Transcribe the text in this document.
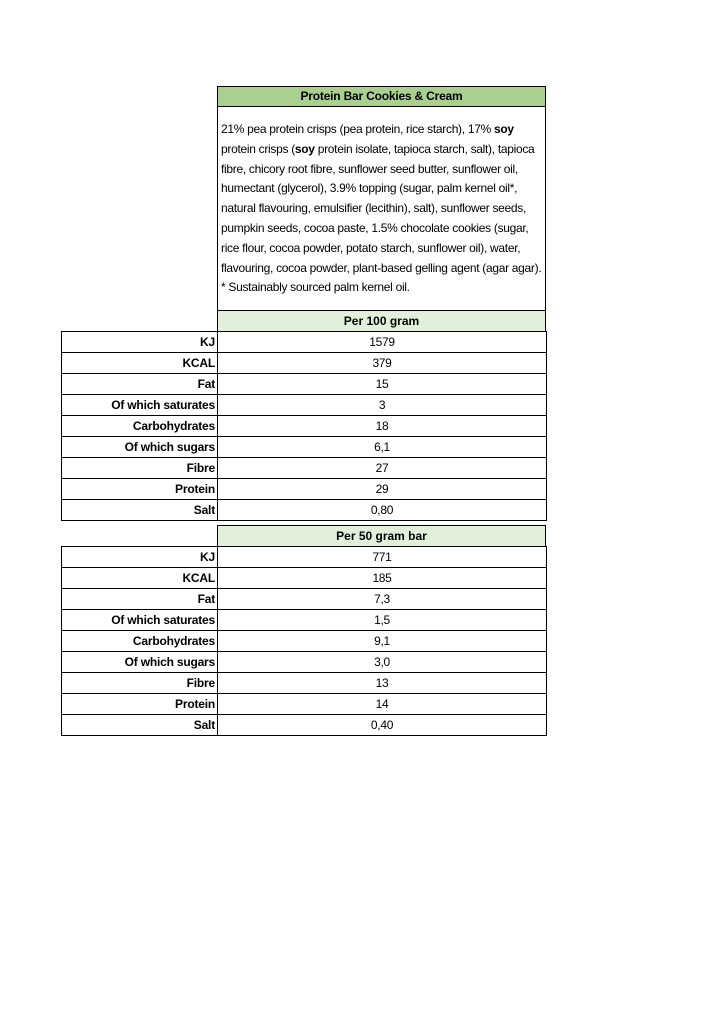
Protein Bar Cookies & Cream
21% pea protein crisps (pea protein, rice starch), 17% soy protein crisps (soy protein isolate, tapioca starch, salt), tapioca fibre, chicory root fibre, sunflower seed butter, sunflower oil, humectant (glycerol), 3.9% topping (sugar, palm kernel oil*, natural flavouring, emulsifier (lecithin), salt), sunflower seeds, pumpkin seeds, cocoa paste, 1.5% chocolate cookies (sugar, rice flour, cocoa powder, potato starch, sunflower oil), water, flavouring, cocoa powder, plant-based gelling agent (agar agar). * Sustainably sourced palm kernel oil.
Per 100 gram
KJ	1579
KCAL	379
Fat	15
Of which saturates	3
Carbohydrates	18
Of which sugars	6,1
Fibre	27
Protein	29
Salt	0,80
Per 50 gram bar
KJ	771
KCAL	185
Fat	7,3
Of which saturates	1,5
Carbohydrates	9,1
Of which sugars	3,0
Fibre	13
Protein	14
Salt	0,40
